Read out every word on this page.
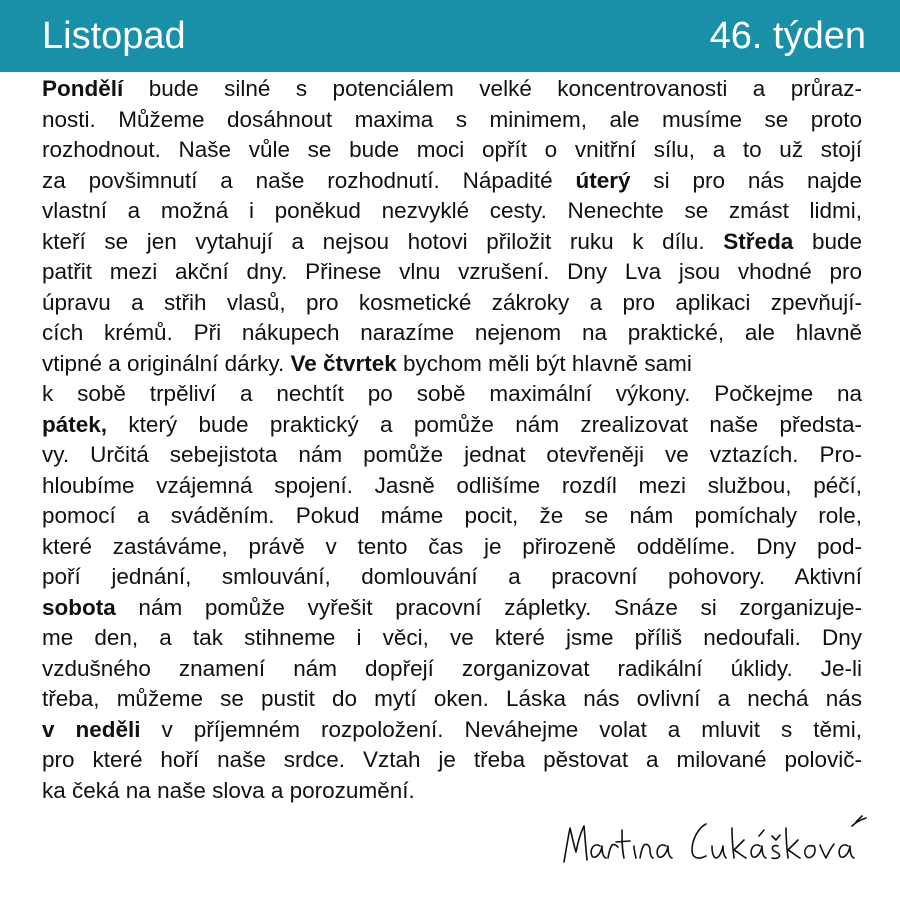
Listopad	46. týden
Pondělí bude silné s potenciálem velké koncentrovanosti a průraz-
nosti. Můžeme dosáhnout maxima s minimem, ale musíme se proto
rozhodnout. Naše vůle se bude moci opřít o vnitřní sílu, a to už stojí
za povšimnutí a naše rozhodnutí. Nápadité úterý si pro nás najde
vlastní a možná i poněkud nezvyklé cesty. Nenechte se zmást lidmi,
kteří se jen vytahují a nejsou hotovi přiložit ruku k dílu. Středa bude
patřit mezi akční dny. Přinese vlnu vzrušení. Dny Lva jsou vhodné pro
úpravu a střih vlasů, pro kosmetické zákroky a pro aplikaci zpevňují-
cích krémů. Při nákupech narazíme nejenom na praktické, ale hlavně
vtipné a originální dárky. Ve čtvrtek bychom měli být hlavně sami
k sobě trpěliví a nechtít po sobě maximální výkony. Počkejme na
pátek, který bude praktický a pomůže nám zrealizovat naše předsta-
vy. Určitá sebejistota nám pomůže jednat otevřeněji ve vztazích. Pro-
hloubíme vzájemná spojení. Jasně odlišíme rozdíl mezi službou, péčí,
pomocí a sváděním. Pokud máme pocit, že se nám pomíchaly role,
které zastáváme, právě v tento čas je přirozeně oddělíme. Dny pod-
poří jednání, smlouvání, domlouvání a pracovní pohovory. Aktivní
sobota nám pomůže vyřešit pracovní zápletky. Snáze si zorganizuje-
me den, a tak stihneme i věci, ve které jsme příliš nedoufali. Dny
vzdušného znamení nám dopřejí zorganizovat radikální úklidy. Je-li
třeba, můžeme se pustit do mytí oken. Láska nás ovlivní a nechá nás
v neděli v příjemném rozpoložení. Neváhejme volat a mluvit s těmi,
pro které hoří naše srdce. Vztah je třeba pěstovat a milované polovič-
ka čeká na naše slova a porozumění.
